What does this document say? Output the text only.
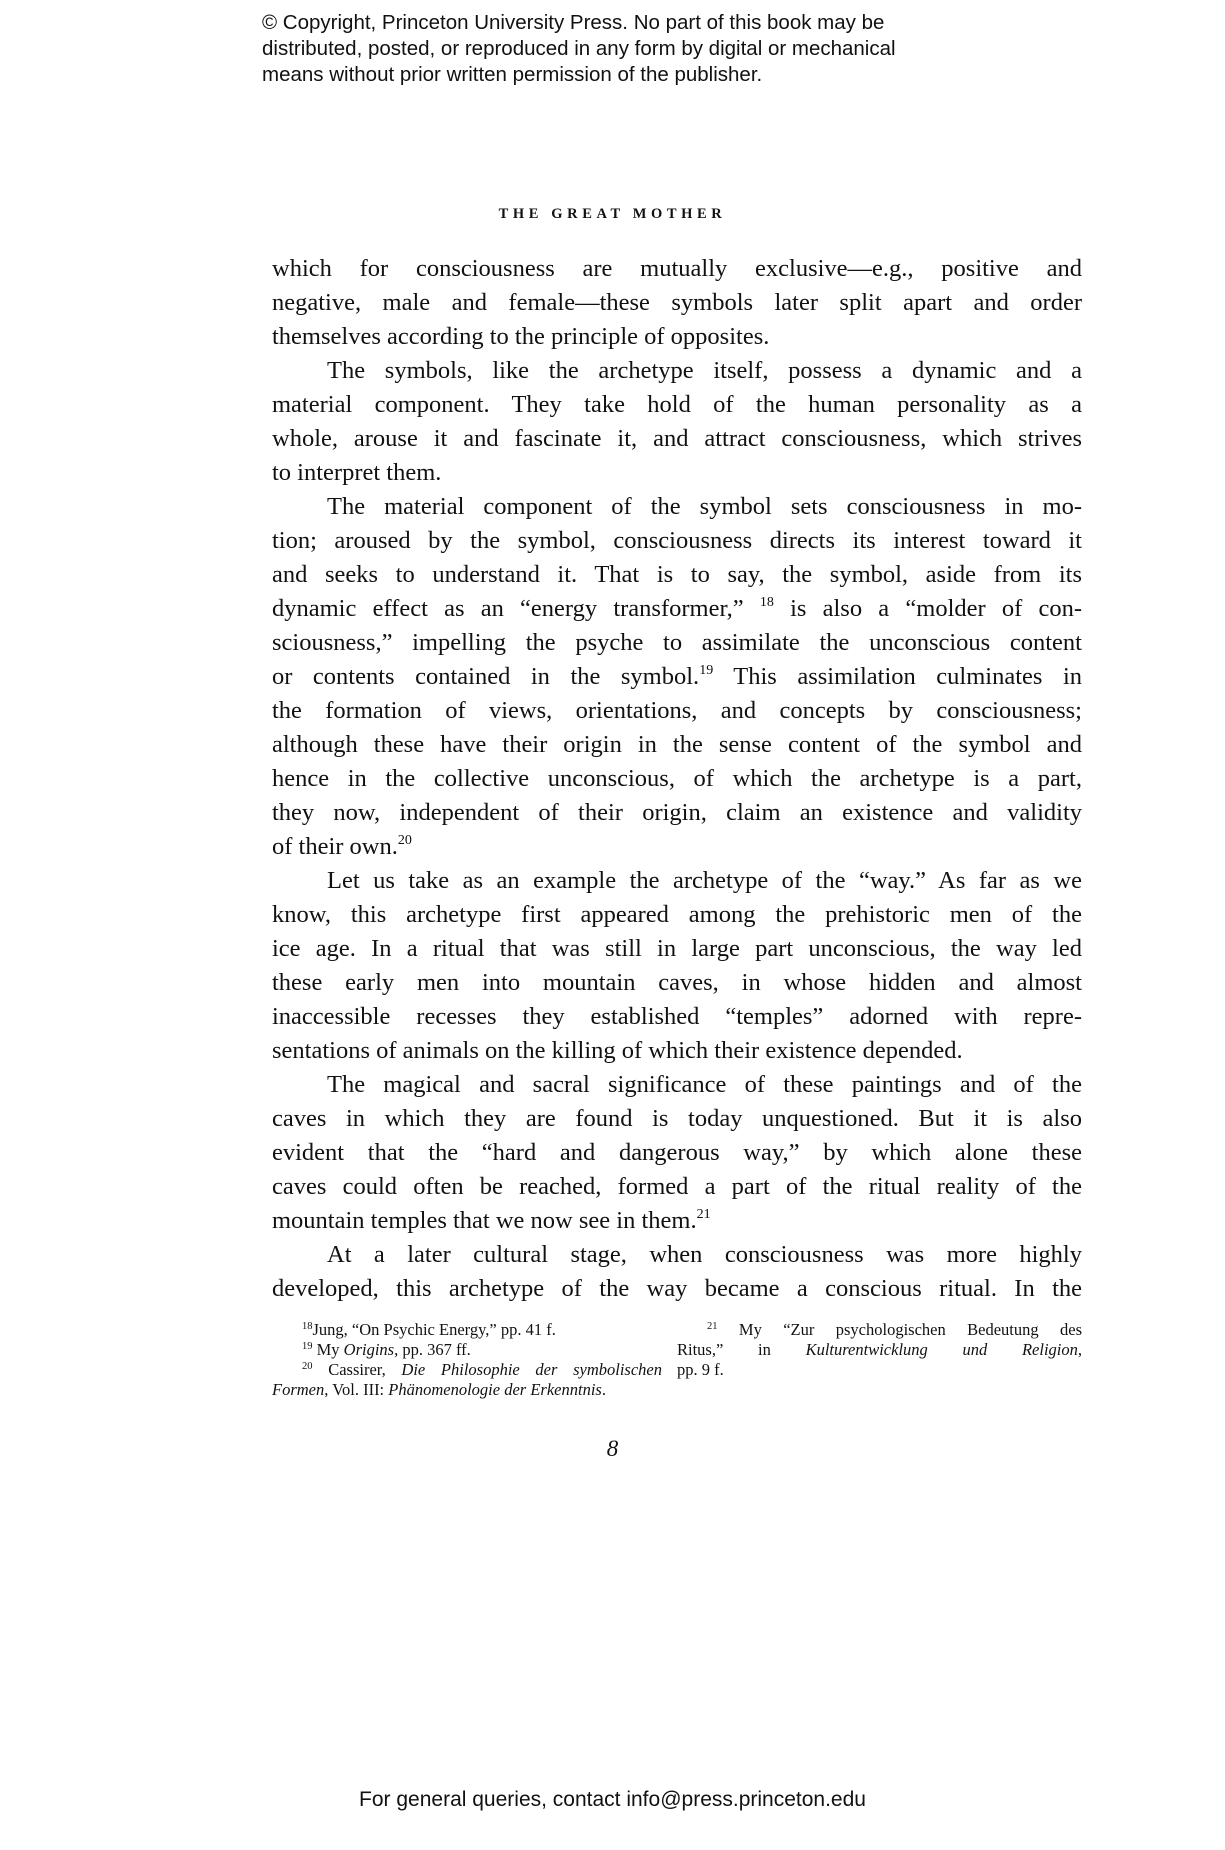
© Copyright, Princeton University Press. No part of this book may be
distributed, posted, or reproduced in any form by digital or mechanical
means without prior written permission of the publisher.
THE GREAT MOTHER
which for consciousness are mutually exclusive—e.g., positive and
negative, male and female—these symbols later split apart and order
themselves according to the principle of opposites.
The symbols, like the archetype itself, possess a dynamic and a
material component. They take hold of the human personality as a
whole, arouse it and fascinate it, and attract consciousness, which strives
to interpret them.
The material component of the symbol sets consciousness in mo-
tion; aroused by the symbol, consciousness directs its interest toward it
and seeks to understand it. That is to say, the symbol, aside from its
dynamic effect as an “energy transformer,” $^{18}$ is also a “molder of con-
sciousness,” impelling the psyche to assimilate the unconscious content
or contents contained in the symbol.$^{19}$ This assimilation culminates in
the formation of views, orientations, and concepts by consciousness;
although these have their origin in the sense content of the symbol and
hence in the collective unconscious, of which the archetype is a part,
they now, independent of their origin, claim an existence and validity
of their own.$^{20}$
Let us take as an example the archetype of the “way.” As far as we
know, this archetype first appeared among the prehistoric men of the
ice age. In a ritual that was still in large part unconscious, the way led
these early men into mountain caves, in whose hidden and almost
inaccessible recesses they established “temples” adorned with repre-
sentations of animals on the killing of which their existence depended.
The magical and sacral significance of these paintings and of the
caves in which they are found is today unquestioned. But it is also
evident that the “hard and dangerous way,” by which alone these
caves could often be reached, formed a part of the ritual reality of the
mountain temples that we now see in them.$^{21}$
At a later cultural stage, when consciousness was more highly
developed, this archetype of the way became a conscious ritual. In the
$^{18}$Jung, “On Psychic Energy,” pp. 41 f.
$^{19}$ My Origins, pp. 367 ff.
$^{20}$ Cassirer, Die Philosophie der symbolischen
Formen, Vol. III: Phänomenologie der Erkenntnis.
$^{21}$ My “Zur psychologischen Bedeutung des
Ritus,” in Kulturentwicklung und Religion,
pp. 9 f.
8
For general queries, contact info@press.princeton.edu
